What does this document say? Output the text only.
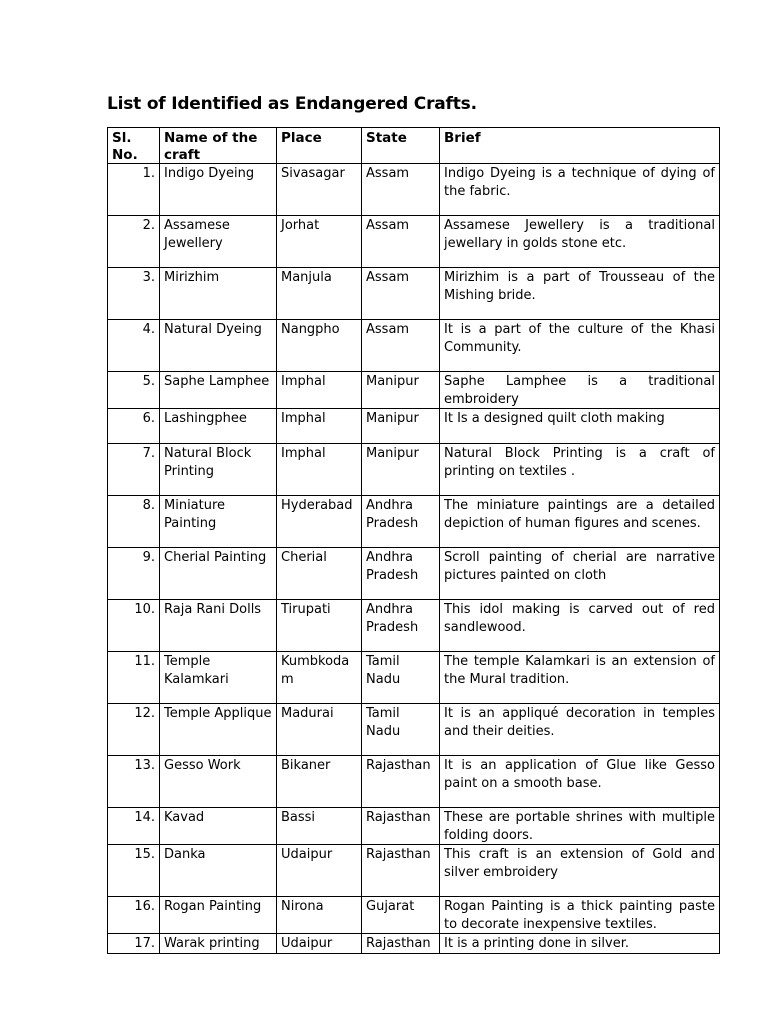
List of Identified as Endangered Crafts.
Sl. No.	Name of the craft	Place	State	Brief
1.	Indigo Dyeing	Sivasagar	Assam	Indigo Dyeing is a technique of dying of the fabric.
2.	Assamese Jewellery	Jorhat	Assam	Assamese Jewellery is a traditional jewellary in golds stone etc.
3.	Mirizhim	Manjula	Assam	Mirizhim is a part of Trousseau of the Mishing bride.
4.	Natural Dyeing	Nangpho	Assam	It is a part of the culture of the Khasi Community.
5.	Saphe Lamphee	Imphal	Manipur	Saphe Lamphee is a traditional embroidery
6.	Lashingphee	Imphal	Manipur	It Is a designed quilt cloth making
7.	Natural Block Printing	Imphal	Manipur	Natural Block Printing is a craft of printing on textiles .
8.	Miniature Painting	Hyderabad	Andhra Pradesh	The miniature paintings are a detailed depiction of human figures and scenes.
9.	Cherial Painting	Cherial	Andhra Pradesh	Scroll painting of cherial are narrative pictures painted on cloth
10.	Raja Rani Dolls	Tirupati	Andhra Pradesh	This idol making is carved out of red sandlewood.
11.	Temple Kalamkari	Kumbkodam	Tamil Nadu	The temple Kalamkari is an extension of the Mural tradition.
12.	Temple Applique	Madurai	Tamil Nadu	It is an appliqué decoration in temples and their deities.
13.	Gesso Work	Bikaner	Rajasthan	It is an application of Glue like Gesso paint on a smooth base.
14.	Kavad	Bassi	Rajasthan	These are portable shrines with multiple folding doors.
15.	Danka	Udaipur	Rajasthan	This craft is an extension of Gold and silver embroidery
16.	Rogan Painting	Nirona	Gujarat	Rogan Painting is a thick painting paste to decorate inexpensive textiles.
17.	Warak printing	Udaipur	Rajasthan	It is a printing done in silver.
